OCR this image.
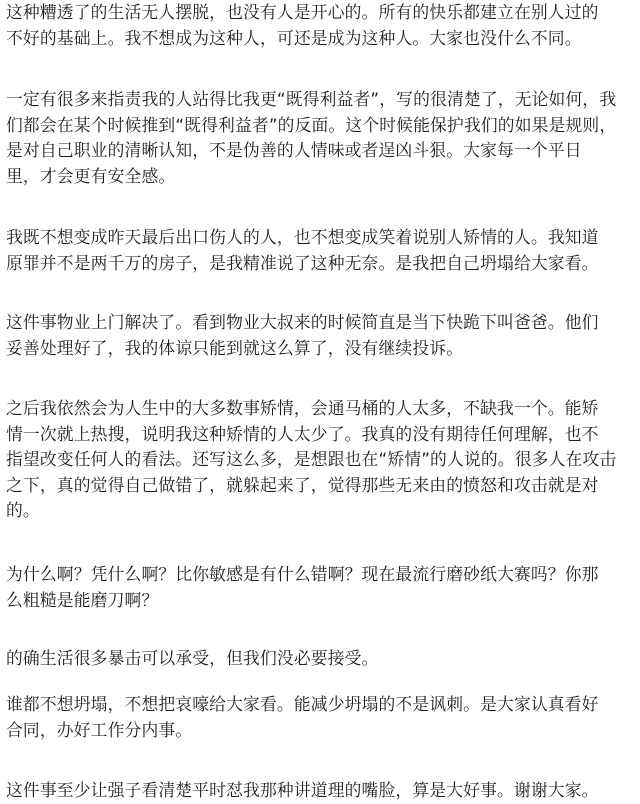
这种糟透了的生活无人摆脱，也没有人是开心的。所有的快乐都建立在别人过的
不好的基础上。我不想成为这种人，可还是成为这种人。大家也没什么不同。

一定有很多来指责我的人站得比我更“既得利益者”，写的很清楚了，无论如何，我
们都会在某个时候推到“既得利益者”的反面。这个时候能保护我们的如果是规则，
是对自己职业的清晰认知，不是伪善的人情味或者逞凶斗狠。大家每一个平日
里，才会更有安全感。

我既不想变成昨天最后出口伤人的人，也不想变成笑着说别人矫情的人。我知道
原罪并不是两千万的房子，是我精准说了这种无奈。是我把自己坍塌给大家看。

这件事物业上门解决了。看到物业大叔来的时候简直是当下快跪下叫爸爸。他们
妥善处理好了，我的体谅只能到就这么算了，没有继续投诉。

之后我依然会为人生中的大多数事矫情，会通马桶的人太多，不缺我一个。能矫
情一次就上热搜，说明我这种矫情的人太少了。我真的没有期待任何理解，也不
指望改变任何人的看法。还写这么多，是想跟也在“矫情”的人说的。很多人在攻击
之下，真的觉得自己做错了，就躲起来了，觉得那些无来由的愤怒和攻击就是对
的。

为什么啊？凭什么啊？比你敏感是有什么错啊？现在最流行磨砂纸大赛吗？你那
么粗糙是能磨刀啊？

的确生活很多暴击可以承受，但我们没必要接受。

谁都不想坍塌，不想把哀嚎给大家看。能减少坍塌的不是讽刺。是大家认真看好
合同，办好工作分内事。

这件事至少让强子看清楚平时怼我那种讲道理的嘴脸，算是大好事。谢谢大家。
